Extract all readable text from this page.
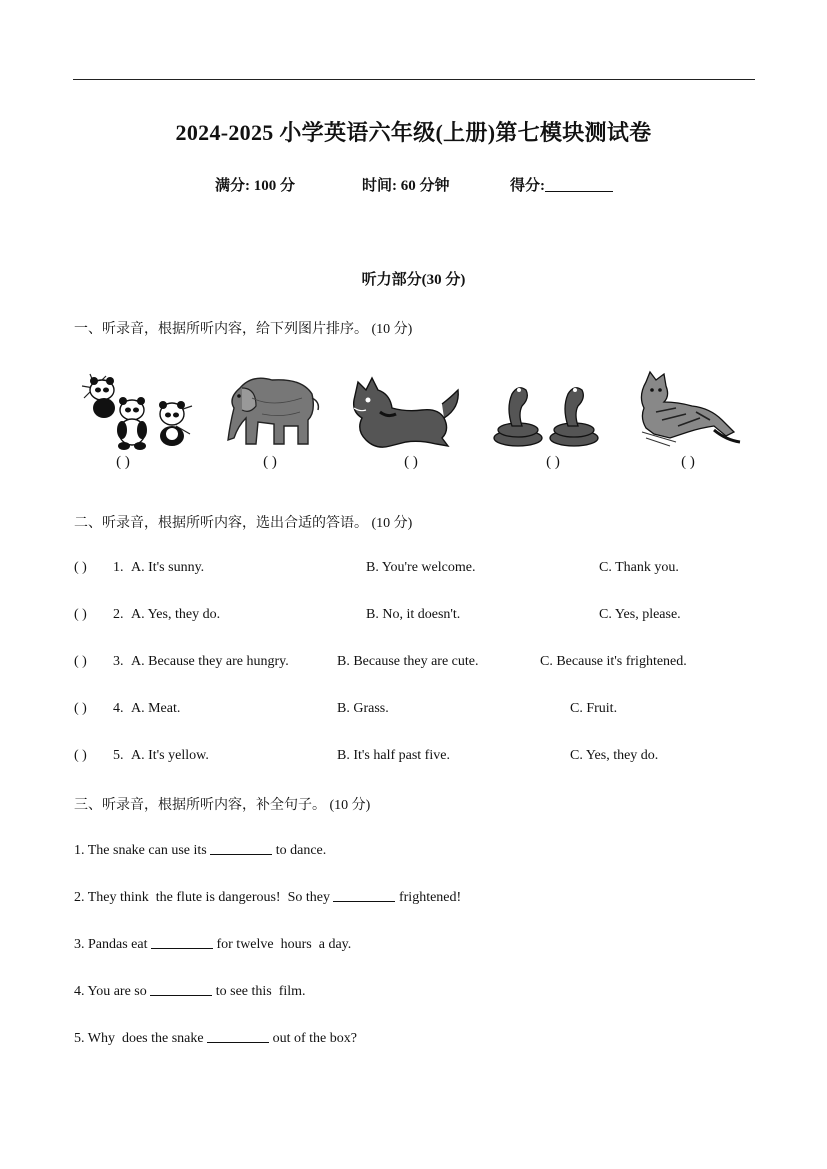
2024-2025 小学英语六年级(上册)第七模块测试卷
满分: 100 分	时间: 60 分钟	得分:
听力部分(30 分)
一、听录音，根据所听内容，给下列图片排序。 (10 分)
( )	( )	( )	( )	( )
二、听录音，根据所听内容，选出合适的答语。 (10 分)
( ) 1. A. It's sunny.	B. You're welcome.	C. Thank you.
( ) 2. A. Yes, they do.	B. No, it doesn't.	C. Yes, please.
( ) 3. A. Because they are hungry.	B. Because they are cute.	C. Because it's frightened.
( ) 4. A. Meat.	B. Grass.	C. Fruit.
( ) 5. A. It's yellow.	B. It's half past five.	C. Yes, they do.
三、听录音，根据所听内容，补全句子。 (10 分)
1. The snake can use its	to dance.
2. They think  the flute is dangerous!  So they	frightened!
3. Pandas eat	for twelve  hours  a day.
4. You are so	to see this  film.
5. Why  does the snake	out of the box?
